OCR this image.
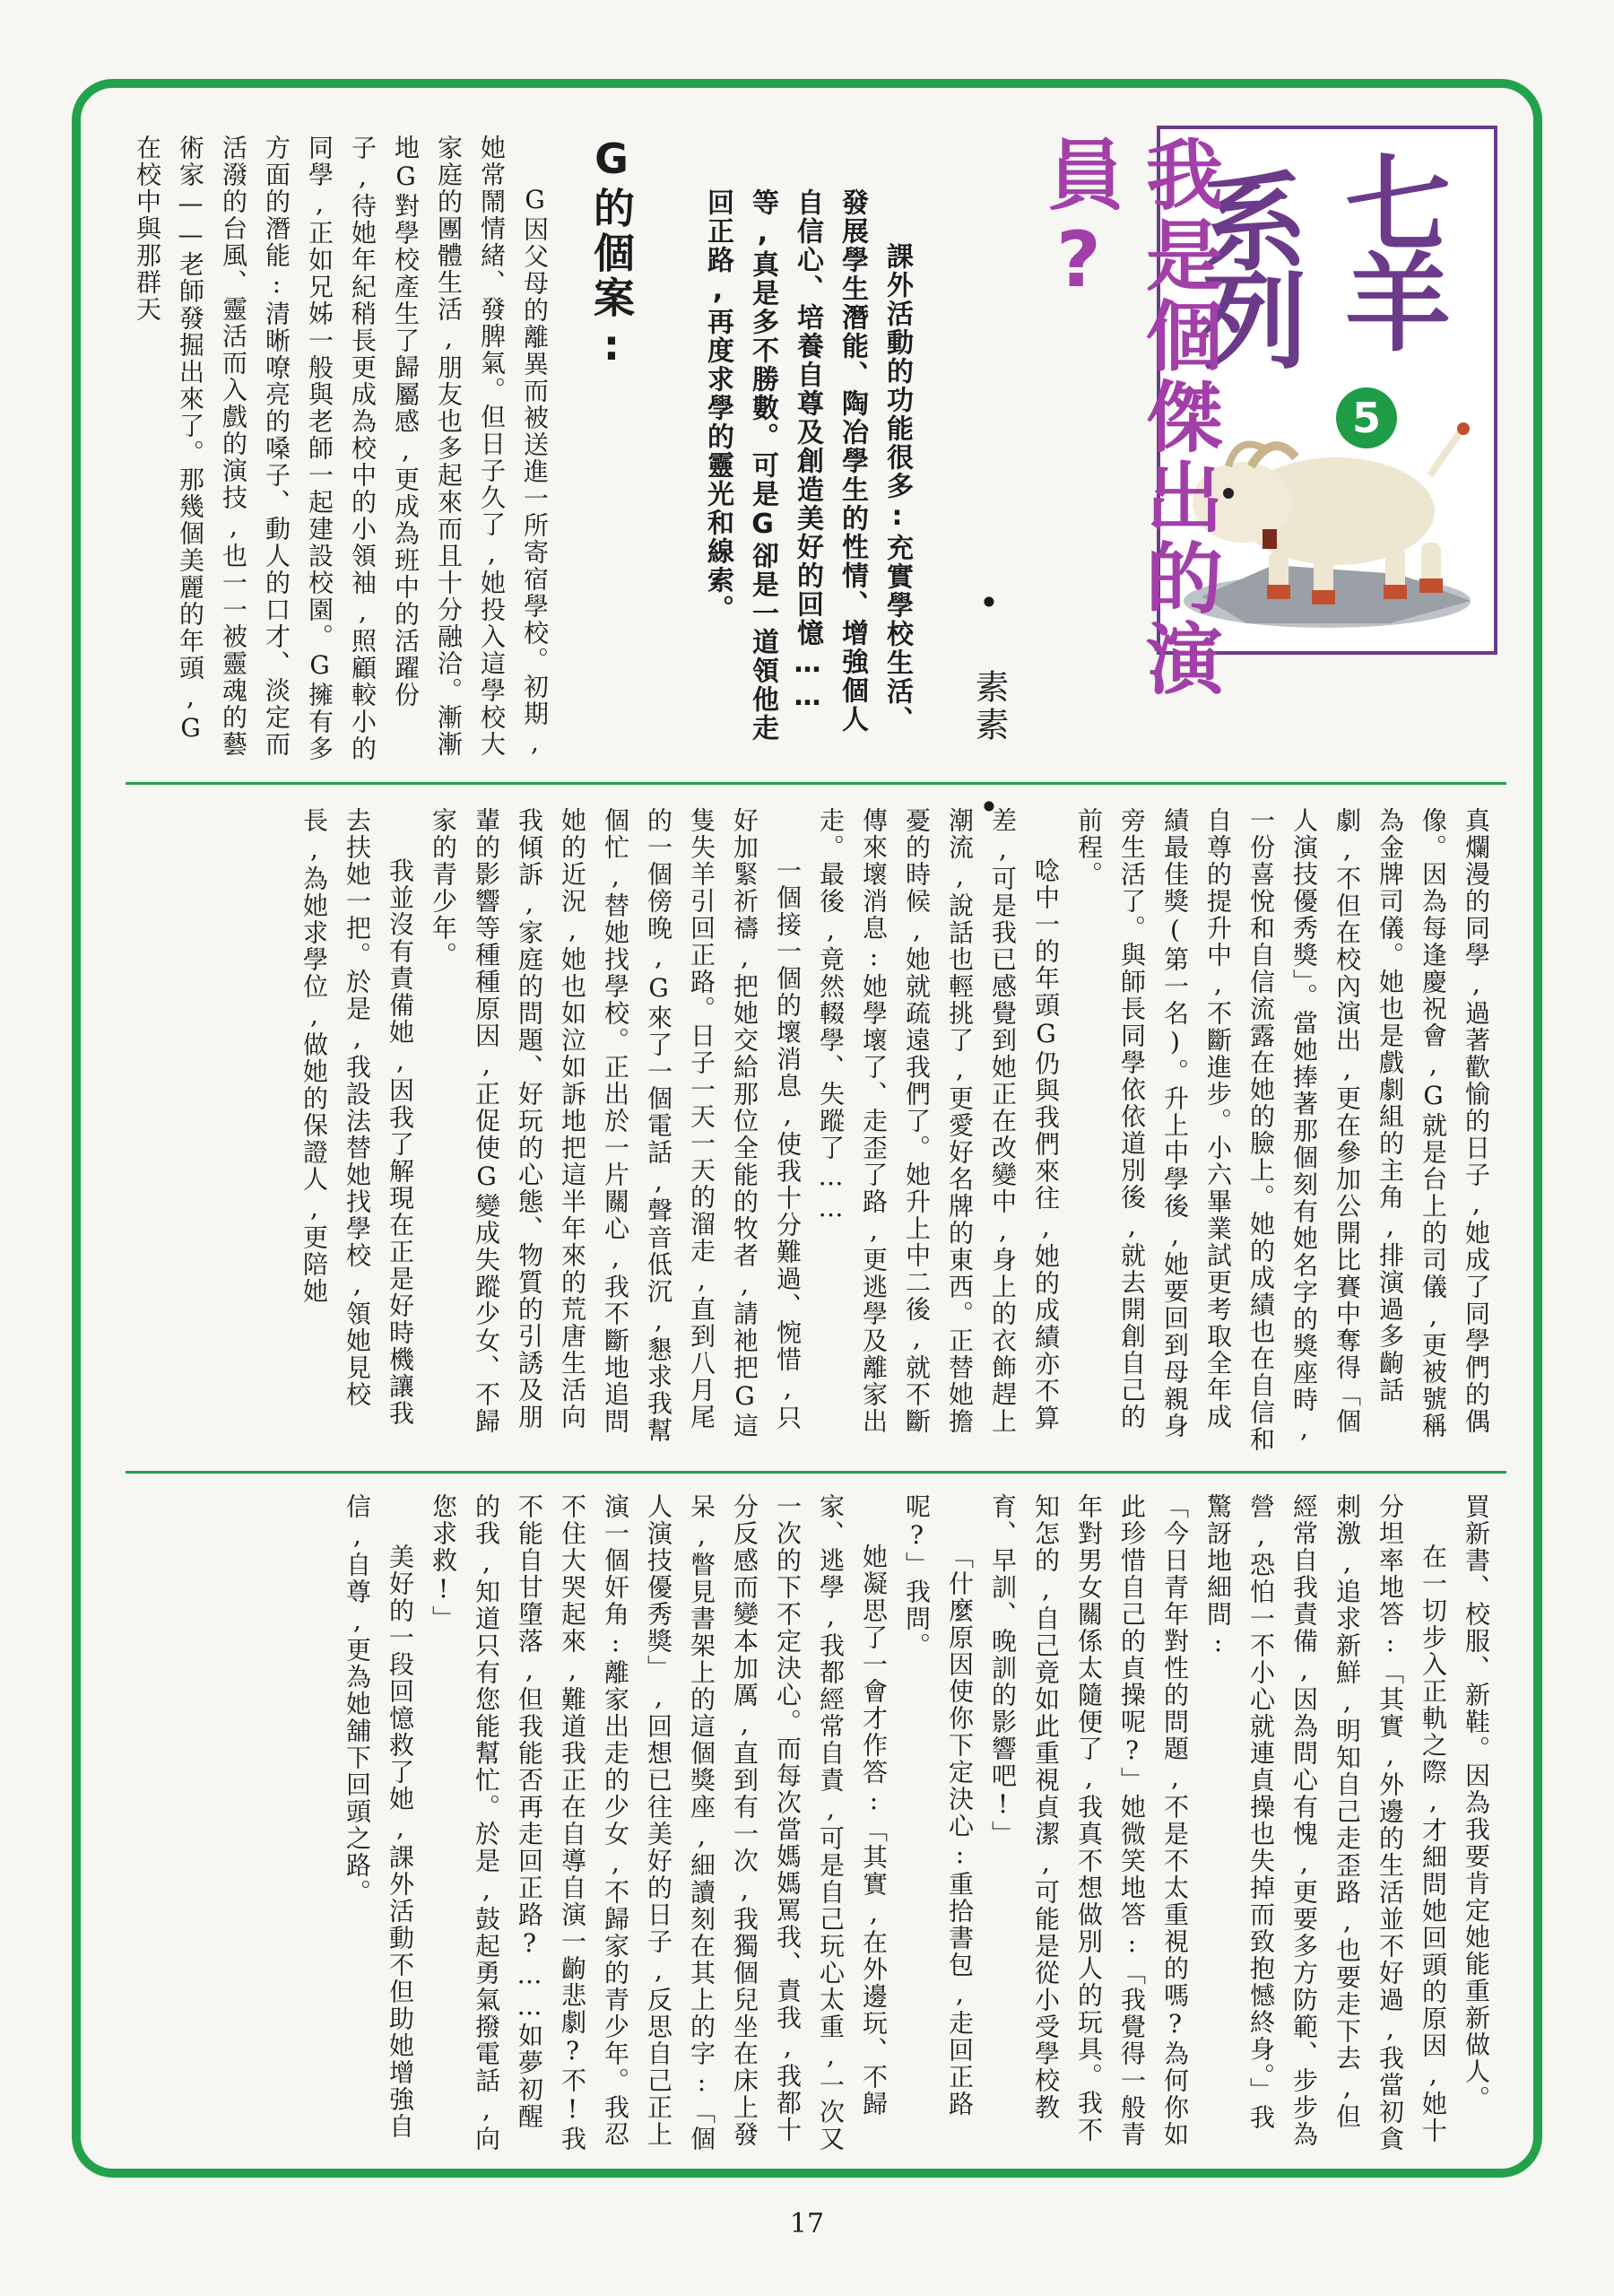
七
羊
系
列
5
我是個傑出的演員?
• 素素 •
課外活動的功能很多:充實學校生活、發展學生潛能、陶冶學生的性情、增強個人自信心、培養自尊及創造美好的回憶……等,真是多不勝數。可是G卻是一道領他走回正路,再度求學的靈光和線索。
G的個案:
G因父母的離異而被送進一所寄宿學校。初期,她常鬧情緒、發脾氣。但日子久了,她投入這學校大家庭的團體生活,朋友也多起來而且十分融洽。漸漸地G對學校產生了歸屬感,更成為班中的活躍份子,待她年紀稍長更成為校中的小領袖,照顧較小的同學,正如兄姊一般與老師一起建設校園。G擁有多方面的潛能:清晰嘹亮的嗓子、動人的口才、淡定而活潑的台風、靈活而入戲的演技,也一一被靈魂的藝術家——老師發掘出來了。那幾個美麗的年頭,G在校中與那群天
真爛漫的同學,過著歡愉的日子,她成了同學們的偶像。因為每逢慶祝會,G就是台上的司儀,更被號稱為金牌司儀。她也是戲劇組的主角,排演過多齣話劇,不但在校內演出,更在參加公開比賽中奪得「個人演技優秀獎」。當她捧著那個刻有她名字的獎座時,一份喜悅和自信流露在她的臉上。她的成績也在自信和自尊的提升中,不斷進步。小六畢業試更考取全年成績最佳獎(第一名)。升上中學後,她要回到母親身旁生活了。與師長同學依依道別後,就去開創自己的前程。
唸中一的年頭G仍與我們來往,她的成績亦不算差,可是我已感覺到她正在改變中,身上的衣飾趕上潮流,說話也輕挑了,更愛好名牌的東西。正替她擔憂的時候,她就疏遠我們了。她升上中二後,就不斷傳來壞消息:她學壞了、走歪了路,更逃學及離家出走。最後,竟然輟學、失蹤了……
一個接一個的壞消息,使我十分難過、惋惜,只好加緊祈禱,把她交給那位全能的牧者,請祂把G這隻失羊引回正路。日子一天一天的溜走,直到八月尾的一個傍晚,G來了一個電話,聲音低沉,懇求我幫個忙,替她找學校。正出於一片關心,我不斷地追問她的近況,她也如泣如訴地把這半年來的荒唐生活向我傾訴,家庭的問題、好玩的心態、物質的引誘及朋輩的影響等種種原因,正促使G變成失蹤少女、不歸家的青少年。
我並沒有責備她,因我了解現在正是好時機讓我去扶她一把。於是,我設法替她找學校,領她見校長,為她求學位,做她的保證人,更陪她
買新書、校服、新鞋。因為我要肯定她能重新做人。
在一切步入正軌之際,才細問她回頭的原因,她十分坦率地答:「其實,外邊的生活並不好過,我當初貪刺激,追求新鮮,明知自己走歪路,也要走下去,但經常自我責備,因為問心有愧,更要多方防範、步步為營,恐怕一不小心就連貞操也失掉而致抱憾終身。」我驚訝地細問:
「今日青年對性的問題,不是不太重視的嗎?為何你如此珍惜自己的貞操呢?」她微笑地答:「我覺得一般青年對男女關係太隨便了,我真不想做別人的玩具。我不知怎的,自己竟如此重視貞潔,可能是從小受學校教育、早訓、晚訓的影響吧!」
「什麼原因使你下定決心:重拾書包,走回正路呢?」我問。
她凝思了一會才作答:「其實,在外邊玩、不歸家、逃學,我都經常自責,可是自己玩心太重,一次又一次的下不定決心。而每次當媽媽罵我、責我,我都十分反感而變本加厲,直到有一次,我獨個兒坐在床上發呆,瞥見書架上的這個獎座,細讀刻在其上的字:「個人演技優秀獎」,回想已往美好的日子,反思自己正上演一個奸角:離家出走的少女,不歸家的青少年。我忍不住大哭起來,難道我正在自導自演一齣悲劇?不!我不能自甘墮落,但我能否再走回正路?……如夢初醒的我,知道只有您能幫忙。於是,鼓起勇氣撥電話,向您求救!」
美好的一段回憶救了她,課外活動不但助她增強自信,自尊,更為她舖下回頭之路。
17
